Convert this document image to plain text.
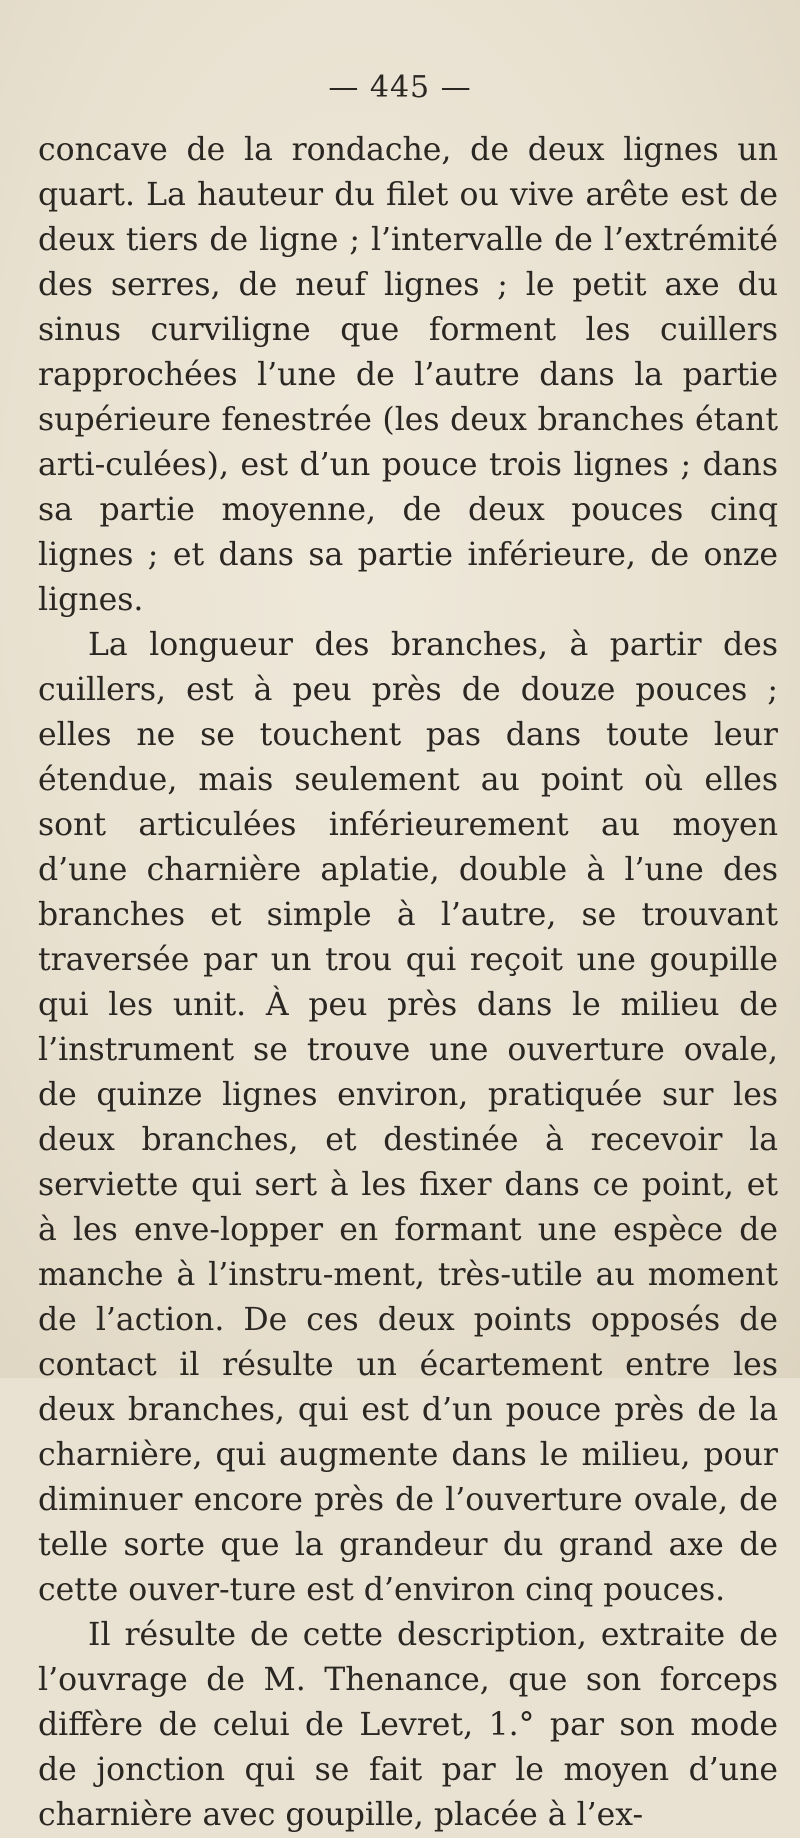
— 445 —

concave de la rondache, de deux lignes un quart. La hauteur du filet ou vive arête est de deux tiers de ligne ; l’intervalle de l’extrémité des serres, de neuf lignes ; le petit axe du sinus curviligne que forment les cuillers rapprochées l’une de l’autre dans la partie supérieure fenestrée (les deux branches étant arti-culées), est d’un pouce trois lignes ; dans sa partie moyenne, de deux pouces cinq lignes ; et dans sa partie inférieure, de onze lignes.

La longueur des branches, à partir des cuillers, est à peu près de douze pouces ; elles ne se touchent pas dans toute leur étendue, mais seulement au point où elles sont articulées inférieurement au moyen d’une charnière aplatie, double à l’une des branches et simple à l’autre, se trouvant traversée par un trou qui reçoit une goupille qui les unit. À peu près dans le milieu de l’instrument se trouve une ouverture ovale, de quinze lignes environ, pratiquée sur les deux branches, et destinée à recevoir la serviette qui sert à les fixer dans ce point, et à les enve-lopper en formant une espèce de manche à l’instru-ment, très-utile au moment de l’action. De ces deux points opposés de contact il résulte un écartement entre les deux branches, qui est d’un pouce près de la charnière, qui augmente dans le milieu, pour diminuer encore près de l’ouverture ovale, de telle sorte que la grandeur du grand axe de cette ouver-ture est d’environ cinq pouces.

Il résulte de cette description, extraite de l’ouvrage de M. Thenance, que son forceps diffère de celui de Levret, 1.° par son mode de jonction qui se fait par le moyen d’une charnière avec goupille, placée à l’ex-
